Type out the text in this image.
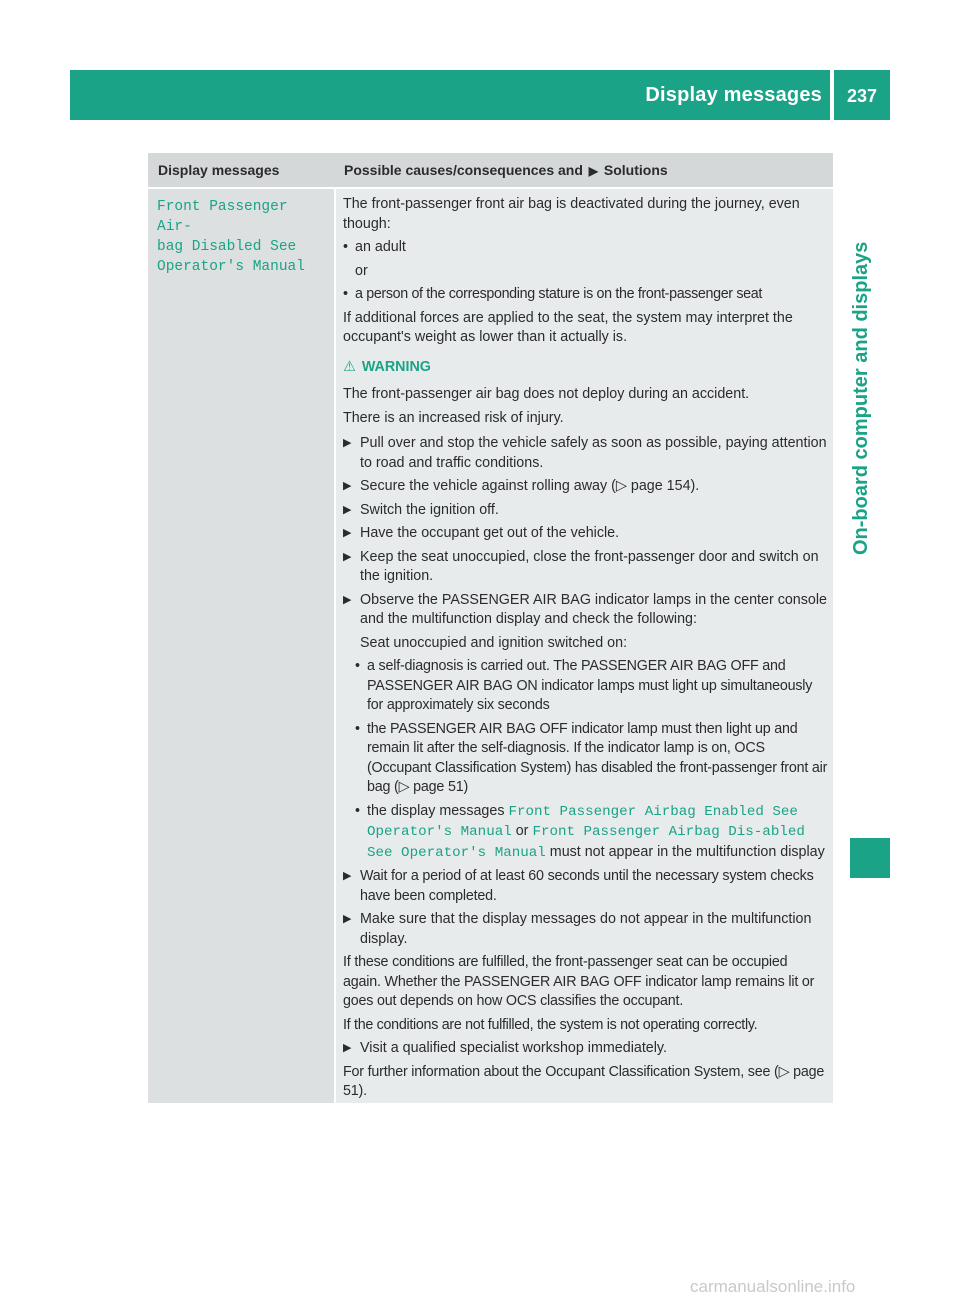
Display messages	237
On-board computer and displays
Display messages	Possible causes/consequences and ▶ Solutions
Front Passenger Air‐
bag Disabled See
Operator's Manual

The front-passenger front air bag is deactivated during the journey, even though:

• an adult
or
• a person of the corresponding stature is on the front-passenger seat

If additional forces are applied to the seat, the system may interpret the occupant's weight as lower than it actually is.

⚠ WARNING

The front-passenger air bag does not deploy during an accident.

There is an increased risk of injury.

▶ Pull over and stop the vehicle safely as soon as possible, paying attention to road and traffic conditions.
▶ Secure the vehicle against rolling away (▷ page 154).
▶ Switch the ignition off.
▶ Have the occupant get out of the vehicle.
▶ Keep the seat unoccupied, close the front-passenger door and switch on the ignition.
▶ Observe the PASSENGER AIR BAG indicator lamps in the center console and the multifunction display and check the following:
Seat unoccupied and ignition switched on:
• a self-diagnosis is carried out. The PASSENGER AIR BAG OFF and PASSENGER AIR BAG ON indicator lamps must light up simultaneously for approximately six seconds
• the PASSENGER AIR BAG OFF indicator lamp must then light up and remain lit after the self-diagnosis. If the indicator lamp is on, OCS (Occupant Classification System) has disabled the front-passenger front air bag (▷ page 51)
• the display messages Front Passenger Airbag Enabled See Operator's Manual or Front Passenger Airbag Dis‐abled See Operator's Manual must not appear in the multifunction display
▶ Wait for a period of at least 60 seconds until the necessary system checks have been completed.
▶ Make sure that the display messages do not appear in the multifunction display.

If these conditions are fulfilled, the front-passenger seat can be occupied again. Whether the PASSENGER AIR BAG OFF indicator lamp remains lit or goes out depends on how OCS classifies the occupant.

If the conditions are not fulfilled, the system is not operating correctly.

▶ Visit a qualified specialist workshop immediately.

For further information about the Occupant Classification System, see (▷ page 51).

carmanualsonline.info
